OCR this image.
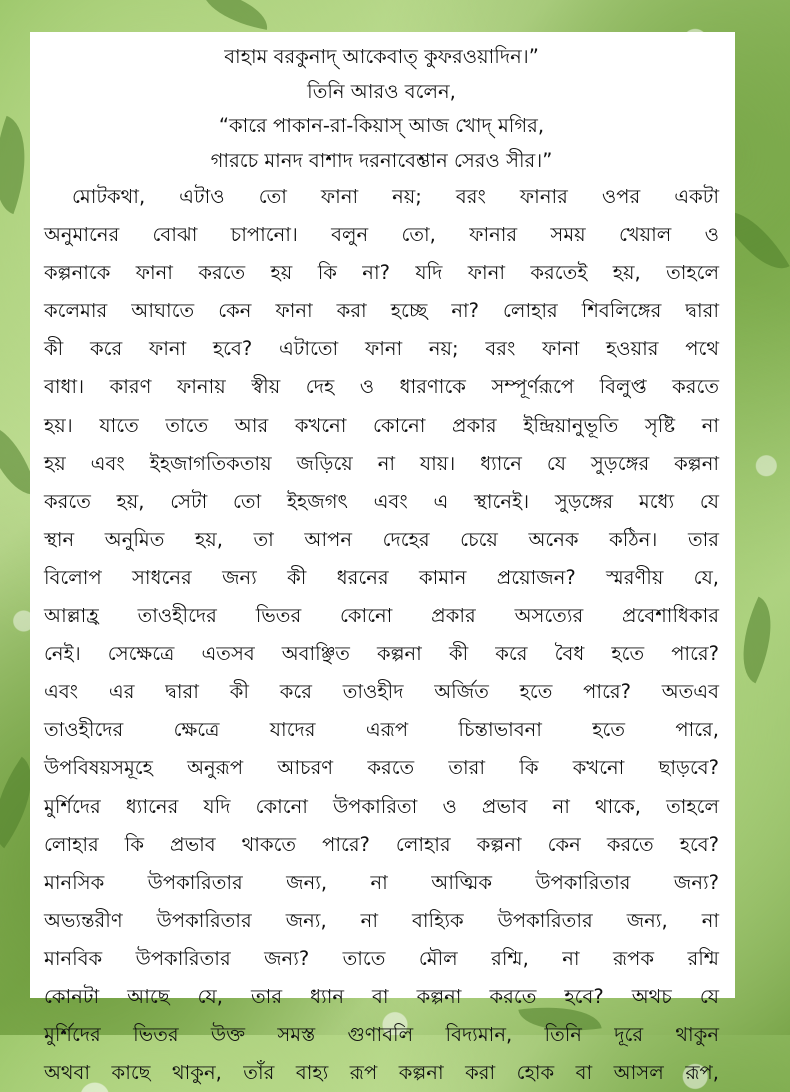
বাহাম বরকুনাদ্ আকেবাত্ কুফরওয়াদিন।”
তিনি আরও বলেন,
“কারে পাকান-রা-কিয়াস্ আজ খোদ্ মগির,
গারচে মানদ বাশাদ দরনাবেশ্তান সেরও সীর।”
মোটকথা, এটাও তো ফানা নয়; বরং ফানার ওপর একটা
অনুমানের বোঝা চাপানো। বলুন তো, ফানার সময় খেয়াল ও
কল্পনাকে ফানা করতে হয় কি না? যদি ফানা করতেই হয়, তাহলে
কলেমার আঘাতে কেন ফানা করা হচ্ছে না? লোহার শিবলিঙ্গের দ্বারা
কী করে ফানা হবে? এটাতো ফানা নয়; বরং ফানা হওয়ার পথে
বাধা। কারণ ফানায় স্বীয় দেহ ও ধারণাকে সম্পূর্ণরূপে বিলুপ্ত করতে
হয়। যাতে তাতে আর কখনো কোনো প্রকার ইন্দ্রিয়ানুভূতি সৃষ্টি না
হয় এবং ইহজাগতিকতায় জড়িয়ে না যায়। ধ্যানে যে সুড়ঙ্গের কল্পনা
করতে হয়, সেটা তো ইহজগৎ এবং এ স্থানেই। সুড়ঙ্গের মধ্যে যে
স্থান অনুমিত হয়, তা আপন দেহের চেয়ে অনেক কঠিন। তার
বিলোপ সাধনের জন্য কী ধরনের কামান প্রয়োজন? স্মরণীয় যে,
আল্লাহ্র তাওহীদের ভিতর কোনো প্রকার অসত্যের প্রবেশাধিকার
নেই। সেক্ষেত্রে এতসব অবাঞ্ছিত কল্পনা কী করে বৈধ হতে পারে?
এবং এর দ্বারা কী করে তাওহীদ অর্জিত হতে পারে? অতএব
তাওহীদের ক্ষেত্রে যাদের এরূপ চিন্তাভাবনা হতে পারে,
উপবিষয়সমূহে অনুরূপ আচরণ করতে তারা কি কখনো ছাড়বে?
মুর্শিদের ধ্যানের যদি কোনো উপকারিতা ও প্রভাব না থাকে, তাহলে
লোহার কি প্রভাব থাকতে পারে? লোহার কল্পনা কেন করতে হবে?
মানসিক উপকারিতার জন্য, না আত্মিক উপকারিতার জন্য?
অভ্যন্তরীণ উপকারিতার জন্য, না বাহ্যিক উপকারিতার জন্য, না
মানবিক উপকারিতার জন্য? তাতে মৌল রশ্মি, না রূপক রশ্মি
কোনটা আছে যে, তার ধ্যান বা কল্পনা করতে হবে? অথচ যে
মুর্শিদের ভিতর উক্ত সমস্ত গুণাবলি বিদ্যমান, তিনি দূরে থাকুন
অথবা কাছে থাকুন, তাঁর বাহ্য রূপ কল্পনা করা হোক বা আসল রূপ,
